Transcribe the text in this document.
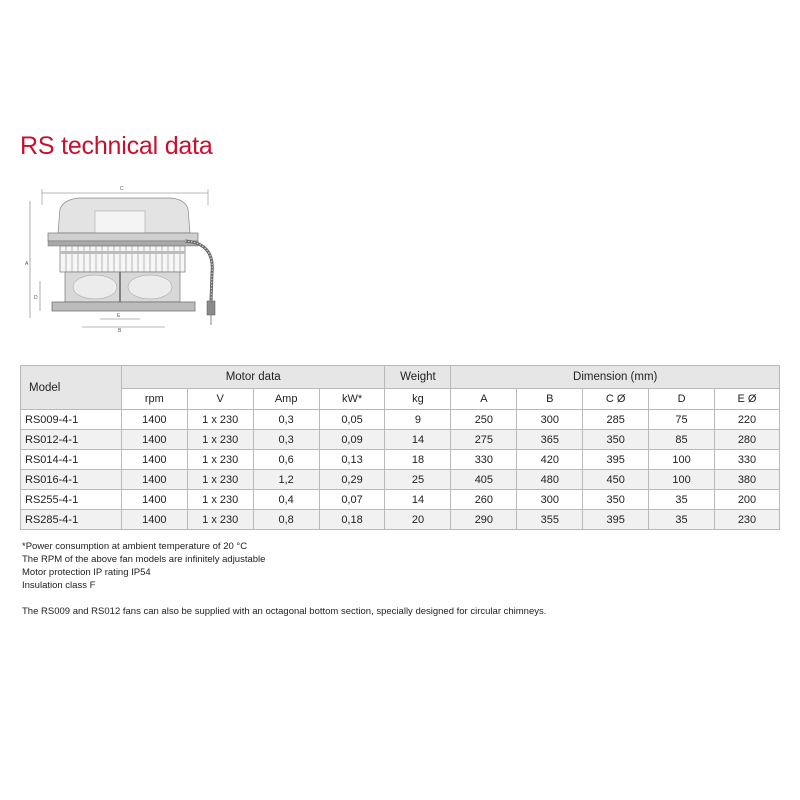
RS technical data
C
A
D
E
B
Model	Motor data				Weight	Dimension (mm)				
	rpm	V	Amp	kW*	kg	A	B	C Ø	D	E Ø
RS009-4-1	1400	1 x 230	0,3	0,05	9	250	300	285	75	220
RS012-4-1	1400	1 x 230	0,3	0,09	14	275	365	350	85	280
RS014-4-1	1400	1 x 230	0,6	0,13	18	330	420	395	100	330
RS016-4-1	1400	1 x 230	1,2	0,29	25	405	480	450	100	380
RS255-4-1	1400	1 x 230	0,4	0,07	14	260	300	350	35	200
RS285-4-1	1400	1 x 230	0,8	0,18	20	290	355	395	35	230
*Power consumption at ambient temperature of 20 °C
The RPM of the above fan models are infinitely adjustable
Motor protection IP rating IP54
Insulation class F
The RS009 and RS012 fans can also be supplied with an octagonal bottom section, specially designed for circular chimneys.
